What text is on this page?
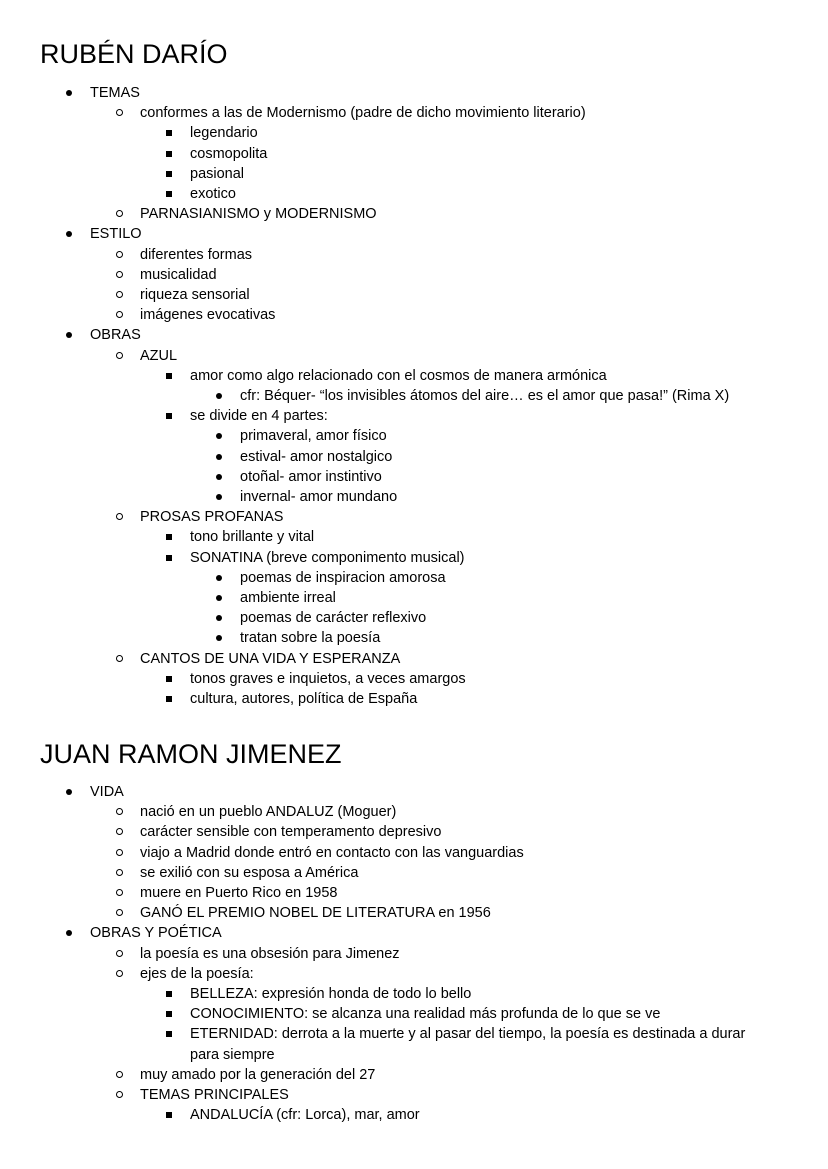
RUBÉN DARÍO
TEMAS
conformes a las de Modernismo (padre de dicho movimiento literario)
legendario
cosmopolita
pasional
exotico
PARNASIANISMO y MODERNISMO
ESTILO
diferentes formas
musicalidad
riqueza sensorial
imágenes evocativas
OBRAS
AZUL
amor como algo relacionado con el cosmos de manera armónica
cfr: Béquer- “los invisibles átomos del aire… es el amor que pasa!” (Rima X)
se divide en 4 partes:
primaveral, amor físico
estival- amor nostalgico
otoñal- amor instintivo
invernal- amor mundano
PROSAS PROFANAS
tono brillante y vital
SONATINA (breve componimento musical)
poemas de inspiracion amorosa
ambiente irreal
poemas de carácter reflexivo
tratan sobre la poesía
CANTOS DE UNA VIDA Y ESPERANZA
tonos graves e inquietos, a veces amargos
cultura, autores, política de España
JUAN RAMON JIMENEZ
VIDA
nació en un pueblo ANDALUZ (Moguer)
carácter sensible con temperamento depresivo
viajo a Madrid donde entró en contacto con las vanguardias
se exilió con su esposa a América
muere en Puerto Rico en 1958
GANÓ EL PREMIO NOBEL DE LITERATURA en 1956
OBRAS Y POÉTICA
la poesía es una obsesión para Jimenez
ejes de la poesía:
BELLEZA: expresión honda de todo lo bello
CONOCIMIENTO: se alcanza una realidad más profunda de lo que se ve
ETERNIDAD: derrota a la muerte y al pasar del tiempo, la poesía es destinada a durar
para siempre
muy amado por la generación del 27
TEMAS PRINCIPALES
ANDALUCÍA (cfr: Lorca), mar, amor
